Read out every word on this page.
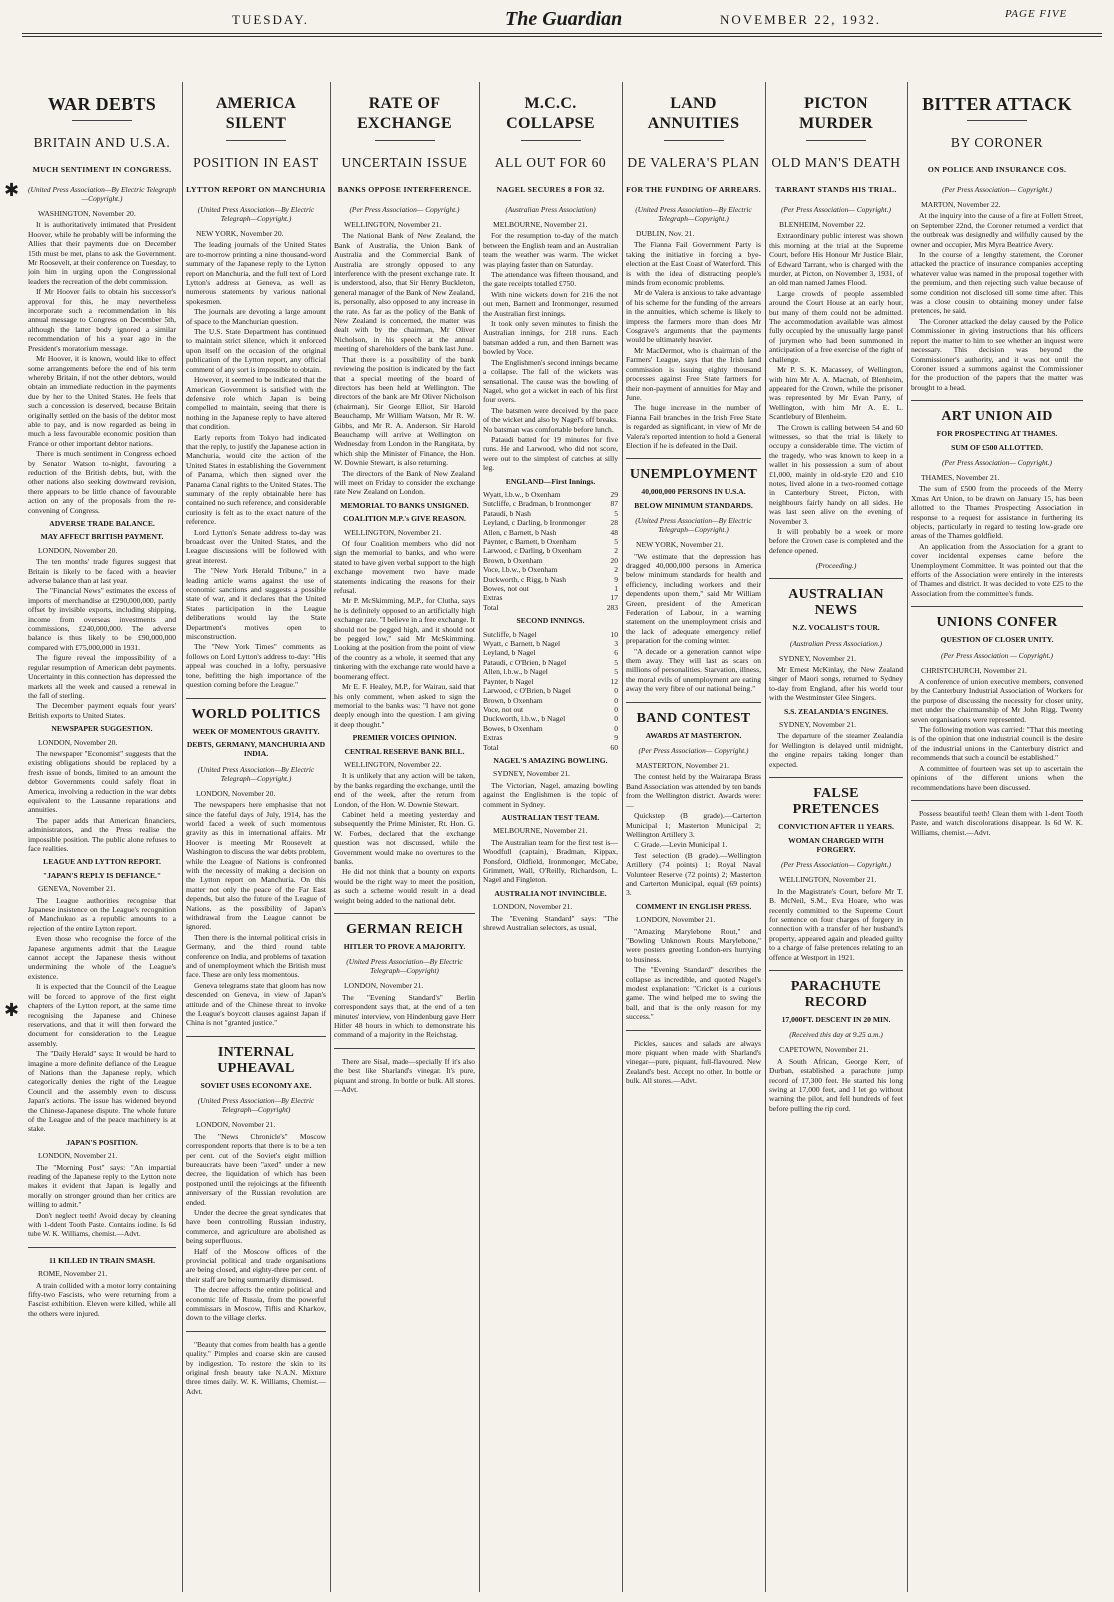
TUESDAY.	The Guardian	NOVEMBER 22, 1932.	PAGE FIVE
✱
✱
WAR DEBTS
BRITAIN AND U.S.A.
MUCH SENTIMENT IN CONGRESS.
(United Press Association—By Electric Telegraph—Copyright.)
WASHINGTON, November 20.

It is authoritatively intimated that President Hoover, while he probably will be informing the Allies that their payments due on December 15th must be met, plans to ask the Government. Mr Roosevelt, at their conference on Tuesday, to join him in urging upon the Congressional leaders the recreation of the debt commission.

If Mr Hoover fails to obtain his successor's approval for this, he may nevertheless incorporate such a recommendation in his annual message to Congress on December 5th, although the latter body ignored a similar recommendation of his a year ago in the President's moratorium message.

Mr Hoover, it is known, would like to effect some arrangements before the end of his term whereby Britain, if not the other debtors, would obtain an immediate reduction in the payments due by her to the United States. He feels that such a concession is deserved, because Britain originally settled on the basis of the debtor most able to pay, and is now regarded as being in much a less favourable economic position than France or other important debtor nations.

There is much sentiment in Congress echoed by Senator Watson to-night, favouring a reduction of the British debts, but, with the other nations also seeking downward revision, there appears to be little chance of favourable action on any of the proposals from the re-convening of Congress.

ADVERSE TRADE BALANCE.
MAY AFFECT BRITISH PAYMENT.
LONDON, November 20.

The ten months' trade figures suggest that Britain is likely to be faced with a heavier adverse balance than at last year.

The "Financial News" estimates the excess of imports of merchandise at £290,000,000, partly offset by invisible exports, including shipping, income from overseas investments and commissions, £240,000,000. The adverse balance is thus likely to be £90,000,000 compared with £75,000,000 in 1931.

The figure reveal the impossibility of a regular resumption of American debt payments. Uncertainty in this connection has depressed the markets all the week and caused a renewal in the fall of sterling.

The December payment equals four years' British exports to United States.

NEWSPAPER SUGGESTION.
LONDON, November 20.

The newspaper "Economist" suggests that the existing obligations should be replaced by a fresh issue of bonds, limited to an amount the debtor Governments could safely float in America, involving a reduction in the war debts equivalent to the Lausanne reparations and annuities.

The paper adds that American financiers, administrators, and the Press realise the impossible position. The public alone refuses to face realities.

LEAGUE AND LYTTON REPORT.
"JAPAN'S REPLY IS DEFIANCE."
GENEVA, November 21.

The League authorities recognise that Japanese insistence on the League's recognition of Manchukuo as a republic amounts to a rejection of the entire Lytton report.

Even those who recognise the force of the Japanese arguments admit that the League cannot accept the Japanese thesis without undermining the whole of the League's existence.

It is expected that the Council of the League will be forced to approve of the first eight chapters of the Lytton report, at the same time recognising the Japanese and Chinese reservations, and that it will then forward the document for consideration to the League assembly.

The "Daily Herald" says: It would be hard to imagine a more definite defiance of the League of Nations than the Japanese reply, which categorically denies the right of the League Council and the assembly even to discuss Japan's actions. The issue has widened beyond the Chinese-Japanese dispute. The whole future of the League and of the peace machinery is at stake.

JAPAN'S POSITION.
LONDON, November 21.

The "Morning Post" says: "An impartial reading of the Japanese reply to the Lytton note makes it evident that Japan is legally and morally on stronger ground than her critics are willing to admit."

Don't neglect teeth! Avoid decay by cleaning with 1-ddent Tooth Paste. Contains iodine. Is 6d tube W. K. Williams, chemist.—Advt.

11 KILLED IN TRAIN SMASH.
ROME, November 21.

A train collided with a motor lorry containing fifty-two Fascists, who were returning from a Fascist exhibition. Eleven were killed, while all the others were injured.

AMERICA SILENT
POSITION IN EAST
LYTTON REPORT ON MANCHURIA
(United Press Association—By Electric Telegraph—Copyright.)
NEW YORK, November 20.

The leading journals of the United States are to-morrow printing a nine thousand-word summary of the Japanese reply to the Lytton report on Manchuria, and the full text of Lord Lytton's address at Geneva, as well as numerous statements by various national spokesmen.

The journals are devoting a large amount of space to the Manchurian question.

The U.S. State Department has continued to maintain strict silence, which it enforced upon itself on the occasion of the original publication of the Lytton report, any official comment of any sort is impossible to obtain.

However, it seemed to be indicated that the American Government is satisfied with the defensive role which Japan is being compelled to maintain, seeing that there is nothing in the Japanese reply to have altered that condition.

Early reports from Tokyo had indicated that the reply, to justify the Japanese action in Manchuria, would cite the action of the United States in establishing the Government of Panama, which then signed over the Panama Canal rights to the United States. The summary of the reply obtainable here has contained no such reference, and considerable curiosity is felt as to the exact nature of the reference.

Lord Lytton's Senate address to-day was broadcast over the United States, and the League discussions will be followed with great interest.

The "New York Herald Tribune," in a leading article warns against the use of economic sanctions and suggests a possible state of war, and it declares that the United States participation in the League deliberations would lay the State Department's motives open to misconstruction.

The "New York Times" comments as follows on Lord Lytton's address to-day: "His appeal was couched in a lofty, persuasive tone, befitting the high importance of the question coming before the League."

WORLD POLITICS
WEEK OF MOMENTOUS GRAVITY.
DEBTS, GERMANY, MANCHURIA AND INDIA.
(United Press Association—By Electric Telegraph—Copyright.)
LONDON, November 20.

The newspapers here emphasise that not since the fateful days of July, 1914, has the world faced a week of such momentous gravity as this in international affairs. Mr Hoover is meeting Mr Roosevelt at Washington to discuss the war debts problem, while the League of Nations is confronted with the necessity of making a decision on the Lytton report on Manchuria. On this matter not only the peace of the Far East depends, but also the future of the League of Nations, as the possibility of Japan's withdrawal from the League cannot be ignored.

Then there is the internal political crisis in Germany, and the third round table conference on India, and problems of taxation and of unemployment which the British must face. These are only less momentous.

Geneva telegrams state that gloom has now descended on Geneva, in view of Japan's attitude and of the Chinese threat to invoke the League's boycott clauses against Japan if China is not "granted justice."

INTERNAL UPHEAVAL
SOVIET USES ECONOMY AXE.
(United Press Association—By Electric Telegraph—Copyright)
LONDON, November 21.

The "News Chronicle's" Moscow correspondent reports that there is to be a ten per cent. cut of the Soviet's eight million bureaucrats have been "axed" under a new decree, the liquidation of which has been postponed until the rejoicings at the fifteenth anniversary of the Russian revolution are ended.

Under the decree the great syndicates that have been controlling Russian industry, commerce, and agriculture are abolished as being superfluous.

Half of the Moscow offices of the provincial political and trade organisations are being closed, and eighty-three per cent. of their staff are being summarily dismissed.

The decree affects the entire political and economic life of Russia, from the powerful commissars in Moscow, Tiflis and Kharkov, down to the village clerks.

"Beauty that comes from health has a gentle quality." Pimples and coarse skin are caused by indigestion. To restore the skin to its original fresh beauty take N.A.N. Mixture three times daily. W. K. Williams, Chemist.—Advt.

RATE OF EXCHANGE
UNCERTAIN ISSUE
BANKS OPPOSE INTERFERENCE.
(Per Press Association— Copyright.)
WELLINGTON, November 21.

The National Bank of New Zealand, the Bank of Australia, the Union Bank of Australia and the Commercial Bank of Australia are strongly opposed to any interference with the present exchange rate. It is understood, also, that Sir Henry Buckleton, general manager of the Bank of New Zealand, is, personally, also opposed to any increase in the rate. As far as the policy of the Bank of New Zealand is concerned, the matter was dealt with by the chairman, Mr Oliver Nicholson, in his speech at the annual meeting of shareholders of the bank last June.

That there is a possibility of the bank reviewing the position is indicated by the fact that a special meeting of the board of directors has been held at Wellington. The directors of the bank are Mr Oliver Nicholson (chairman), Sir George Elliot, Sir Harold Beauchamp, Mr William Watson, Mr R. W. Gibbs, and Mr R. A. Anderson. Sir Harold Beauchamp will arrive at Wellington on Wednesday from London in the Rangitata, by which ship the Minister of Finance, the Hon. W. Downie Stewart, is also returning.

The directors of the Bank of New Zealand will meet on Friday to consider the exchange rate New Zealand on London.

MEMORIAL TO BANKS UNSIGNED.
COALITION M.P.'s GIVE REASON.
WELLINGTON, November 21.

Of four Coalition members who did not sign the memorial to banks, and who were stated to have given verbal support to the high exchange movement two have made statements indicating the reasons for their refusal.

Mr P. McSkimming, M.P., for Clutha, says he is definitely opposed to an artificially high exchange rate. "I believe in a free exchange. It should not be pegged high, and it should not be pegged low," said Mr McSkimming. Looking at the position from the point of view of the country as a whole, it seemed that any tinkering with the exchange rate would have a boomerang effect.

Mr E. F. Healey, M.P., for Wairau, said that his only comment, when asked to sign the memorial to the banks was: "I have not gone deeply enough into the question. I am giving it deep thought."

PREMIER VOICES OPINION.
CENTRAL RESERVE BANK BILL.
WELLINGTON, November 22.

It is unlikely that any action will be taken, by the banks regarding the exchange, until the end of the week, after the return from London, of the Hon. W. Downie Stewart.

Cabinet held a meeting yesterday and subsequently the Prime Minister, Rt. Hon. G. W. Forbes, declared that the exchange question was not discussed, while the Government would make no overtures to the banks.

He did not think that a bounty on exports would be the right way to meet the position, as such a scheme would result in a dead weight being added to the national debt.

GERMAN REICH
HITLER TO PROVE A MAJORITY.
(United Press Association—By Electric Telegraph—Copyright)
LONDON, November 21.

The "Evening Standard's" Berlin correspondent says that, at the end of a ten minutes' interview, von Hindenburg gave Herr Hitler 48 hours in which to demonstrate his command of a majority in the Reichstag.

There are Sisal, made—specially If it's also the best like Sharland's vinegar. It's pure, piquant and strong. In bottle or bulk. All stores.—Advt.

M.C.C. COLLAPSE
ALL OUT FOR 60
NAGEL SECURES 8 FOR 32.
(Australian Press Association)
MELBOURNE, November 21.

For the resumption to-day of the match between the English team and an Australian team the weather was warm. The wicket was playing faster than on Saturday.

The attendance was fifteen thousand, and the gate receipts totalled £750.

With nine wickets down for 216 the not out men, Barnett and Ironmonger, resumed the Australian first innings.

It took only seven minutes to finish the Australian innings, for 218 runs. Each batsman added a run, and then Barnett was bowled by Voce.

The Englishmen's second innings became a collapse. The fall of the wickets was sensational. The cause was the bowling of Nagel, who got a wicket in each of his first four overs.

The batsmen were deceived by the pace of the wicket and also by Nagel's off breaks. No batsman was comfortable before lunch.

Pataudi batted for 19 minutes for five runs. He and Larwood, who did not score, were out to the simplest of catches at silly leg.

ENGLAND—First Innings.
Wyatt, l.b.w., b Oxenham	29
Sutcliffe, c Bradman, b Ironmonger	87
Pataudi, b Nash	5
Leyland, c Darling, b Ironmonger	28
Allen, c Barnett, b Nash	48
Paynter, c Barnett, b Oxenham	5
Larwood, c Darling, b Oxenham	2
Brown, b Oxenham	20
Voce, l.b.w., b Oxenham	2
Duckworth, c Rigg, b Nash	9
Bowes, not out	1
Extras	17
Total	283
SECOND INNINGS.
Sutcliffe, b Nagel	10
Wyatt, c Barnett, b Nagel	3
Leyland, b Nagel	6
Pataudi, c O'Brien, b Nagel	5
Allen, l.b.w., b Nagel	5
Paynter, b Nagel	12
Larwood, c O'Brien, b Nagel	0
Brown, b Oxenham	0
Voce, not out	0
Duckworth, l.b.w., b Nagel	0
Bowes, b Oxenham	0
Extras	9
Total	60
NAGEL'S AMAZING BOWLING.
SYDNEY, November 21.

The Victorian, Nagel, amazing bowling against the Englishmen is the topic of comment in Sydney.

AUSTRALIAN TEST TEAM.
MELBOURNE, November 21.

The Australian team for the first test is—Woodfull (captain), Bradman, Kippax, Ponsford, Oldfield, Ironmonger, McCabe, Grimmett, Wall, O'Reilly, Richardson, L. Nagel and Fingleton.

AUSTRALIA NOT INVINCIBLE.
LONDON, November 21.

The "Evening Standard" says: "The shrewd Australian selectors, as usual,

LAND ANNUITIES
DE VALERA'S PLAN
FOR THE FUNDING OF ARREARS.
(United Press Association—By Electric Telegraph—Copyright.)
DUBLIN, Nov. 21.

The Fianna Fail Government Party is taking the initiative in forcing a bye-election at the East Coast of Waterford. This is with the idea of distracting people's minds from economic problems.

Mr de Valera is anxious to take advantage of his scheme for the funding of the arrears in the annuities, which scheme is likely to impress the farmers more than does Mr Cosgrave's arguments that the payments would be ultimately heavier.

Mr MacDermot, who is chairman of the Farmers' League, says that the Irish land commission is issuing eighty thousand processes against Free State farmers for their non-payment of annuities for May and June.

The huge increase in the number of Fianna Fail branches in the Irish Free State is regarded as significant, in view of Mr de Valera's reported intention to hold a General Election if he is defeated in the Dail.

UNEMPLOYMENT
40,000,000 PERSONS IN U.S.A.
BELOW MINIMUM STANDARDS.
(United Press Association—By Electric Telegraph—Copyright.)
NEW YORK, November 21.

"We estimate that the depression has dragged 40,000,000 persons in America below minimum standards for health and efficiency, including workers and their dependents upon them," said Mr William Green, president of the American Federation of Labour, in a warning statement on the unemployment crisis and the lack of adequate emergency relief preparation for the coming winter.

"A decade or a generation cannot wipe them away. They will last as scars on millions of personalities. Starvation, illness, the moral evils of unemployment are eating away the very fibre of our national being."

BAND CONTEST
AWARDS AT MASTERTON.
(Per Press Association— Copyright.)
MASTERTON, November 21.

The contest held by the Wairarapa Brass Band Association was attended by ten bands from the Wellington district. Awards were:—

Quickstep (B grade).—Carterton Municipal 1; Masterton Municipal 2; Wellington Artillery 3.

C Grade.—Levin Municipal 1.

Test selection (B grade).—Wellington Artillery (74 points) 1; Royal Naval Volunteer Reserve (72 points) 2; Masterton and Carterton Municipal, equal (69 points) 3.

COMMENT IN ENGLISH PRESS.
LONDON, November 21.

"Amazing Marylebone Rout," and "Bowling Unknown Routs Marylebone," were posters greeting London-ers hurrying to business.

The "Evening Standard" describes the collapse as incredible, and quoted Nagel's modest explanation: "Cricket is a curious game. The wind helped me to swing the ball, and that is the only reason for my success."

Pickles, sauces and salads are always more piquant when made with Sharland's vinegar—pure, piquant, full-flavoured. New Zealand's best. Accept no other. In bottle or bulk. All stores.—Advt.

PICTON MURDER
OLD MAN'S DEATH
TARRANT STANDS HIS TRIAL.
(Per Press Association— Copyright.)
BLENHEIM, November 22.

Extraordinary public interest was shown this morning at the trial at the Supreme Court, before His Honour Mr Justice Blair, of Edward Tarrant, who is charged with the murder, at Picton, on November 3, 1931, of an old man named James Flood.

Large crowds of people assembled around the Court House at an early hour, but many of them could not be admitted. The accommodation available was almost fully occupied by the unusually large panel of jurymen who had been summoned in anticipation of a free exercise of the right of challenge.

Mr P. S. K. Macassey, of Wellington, with him Mr A. A. Macnab, of Blenheim, appeared for the Crown, while the prisoner was represented by Mr Evan Parry, of Wellington, with him Mr A. E. L. Scantlebury of Blenheim.

The Crown is calling between 54 and 60 witnesses, so that the trial is likely to occupy a considerable time. The victim of the tragedy, who was known to keep in a wallet in his possession a sum of about £1,000, mainly in old-style £20 and £10 notes, lived alone in a two-roomed cottage in Canterbury Street, Picton, with neighbours fairly handy on all sides. He was last seen alive on the evening of November 3.

It will probably be a week or more before the Crown case is completed and the defence opened.

(Proceeding.)
AUSTRALIAN NEWS
N.Z. VOCALIST'S TOUR.
(Australian Press Association.)
SYDNEY, November 21.

Mr Ernest McKinlay, the New Zealand singer of Maori songs, returned to Sydney to-day from England, after his world tour with the Westminster Glee Singers.

S.S. ZEALANDIA'S ENGINES.
SYDNEY, November 21.

The departure of the steamer Zealandia for Wellington is delayed until midnight, the engine repairs taking longer than expected.

FALSE PRETENCES
CONVICTION AFTER 11 YEARS.
WOMAN CHARGED WITH FORGERY.
(Per Press Association— Copyright.)
WELLINGTON, November 21.

In the Magistrate's Court, before Mr T. B. McNeil, S.M., Eva Hoare, who was recently committed to the Supreme Court for sentence on four charges of forgery in connection with a transfer of her husband's property, appeared again and pleaded guilty to a charge of false pretences relating to an offence at Westport in 1921.

PARACHUTE RECORD
17,000FT. DESCENT IN 20 MIN.
(Received this day at 9.25 a.m.)
CAPETOWN, November 21.

A South African, George Kerr, of Durban, established a parachute jump record of 17,300 feet. He started his long swing at 17,000 feet, and I let go without warning the pilot, and fell hundreds of feet before pulling the rip cord.

BITTER ATTACK
BY CORONER
ON POLICE AND INSURANCE COS.
(Per Press Association— Copyright.)
MARTON, November 22.

At the inquiry into the cause of a fire at Follett Street, on September 22nd, the Coroner returned a verdict that the outbreak was designedly and wilfully caused by the owner and occupier, Mrs Myra Beatrice Avery.

In the course of a lengthy statement, the Coroner attacked the practice of insurance companies accepting whatever value was named in the proposal together with the premium, and then rejecting such value because of some condition not disclosed till some time after. This was a close cousin to obtaining money under false pretences, he said.

The Coroner attacked the delay caused by the Police Commissioner in giving instructions that his officers report the matter to him to see whether an inquest were necessary. This decision was beyond the Commissioner's authority, and it was not until the Coroner issued a summons against the Commissioner for the production of the papers that the matter was brought to a head.

ART UNION AID
FOR PROSPECTING AT THAMES.
SUM OF £500 ALLOTTED.
(Per Press Association— Copyright.)
THAMES, November 21.

The sum of £500 from the proceeds of the Merry Xmas Art Union, to be drawn on January 15, has been allotted to the Thames Prospecting Association in response to a request for assistance in furthering its objects, particularly in regard to testing low-grade ore areas of the Thames goldfield.

An application from the Association for a grant to cover incidental expenses came before the Unemployment Committee. It was pointed out that the efforts of the Association were entirely in the interests of Thames and district. It was decided to vote £25 to the Association from the committee's funds.

UNIONS CONFER
QUESTION OF CLOSER UNITY.
(Per Press Association — Copyright.)
CHRISTCHURCH, November 21.

A conference of union executive members, convened by the Canterbury Industrial Association of Workers for the purpose of discussing the necessity for closer unity, met under the chairmanship of Mr John Rigg. Twenty seven organisations were represented.

The following motion was carried: "That this meeting is of the opinion that one industrial council is the desire of the industrial unions in the Canterbury district and recommends that such a council be established."

A committee of fourteen was set up to ascertain the opinions of the different unions when the recommendations have been discussed.

Possess beautiful teeth! Clean them with 1-dent Tooth Paste, and watch discolorations disappear. Is 6d W. K. Williams, chemist.—Advt.
